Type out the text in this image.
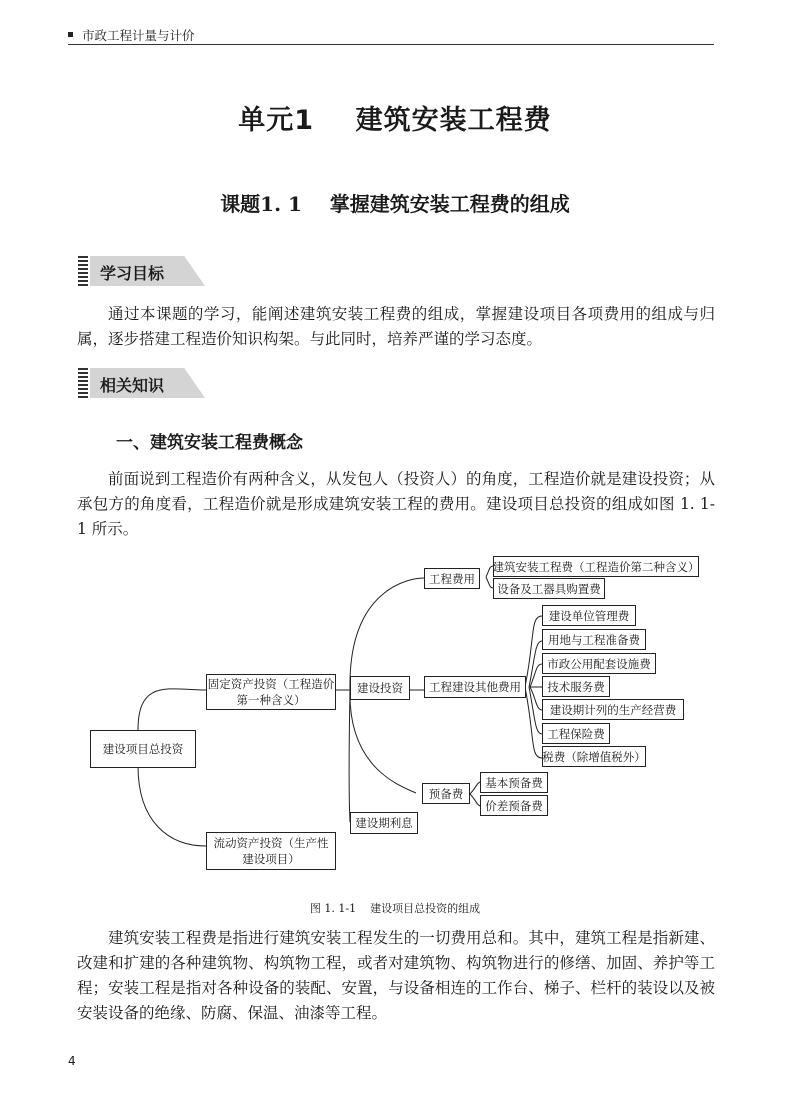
市政工程计量与计价
单元1    建筑安装工程费
课题1. 1    掌握建筑安装工程费的组成
学习目标

通过本课题的学习，能阐述建筑安装工程费的组成，掌握建设项目各项费用的组成与归属，逐步搭建工程造价知识构架。与此同时，培养严谨的学习态度。

相关知识
一、建筑安装工程费概念

前面说到工程造价有两种含义，从发包人（投资人）的角度，工程造价就是建设投资；从承包方的角度看，工程造价就是形成建筑安装工程的费用。建设项目总投资的组成如图 1. 1-1 所示。

建设项目总投资
固定资产投资（工程造价
第一种含义）
流动资产投资（生产性
建设项目）
建设投资
建设期利息
工程费用
工程建设其他费用
预备费
建筑安装工程费（工程造价第二种含义）
设备及工器具购置费
建设单位管理费
用地与工程准备费
市政公用配套设施费
技术服务费
建设期计列的生产经营费
工程保险费
税费（除增值税外）
基本预备费
价差预备费
图 1. 1-1    建设项目总投资的组成

建筑安装工程费是指进行建筑安装工程发生的一切费用总和。其中，建筑工程是指新建、改建和扩建的各种建筑物、构筑物工程，或者对建筑物、构筑物进行的修缮、加固、养护等工程；安装工程是指对各种设备的装配、安置，与设备相连的工作台、梯子、栏杆的装设以及被安装设备的绝缘、防腐、保温、油漆等工程。

4
